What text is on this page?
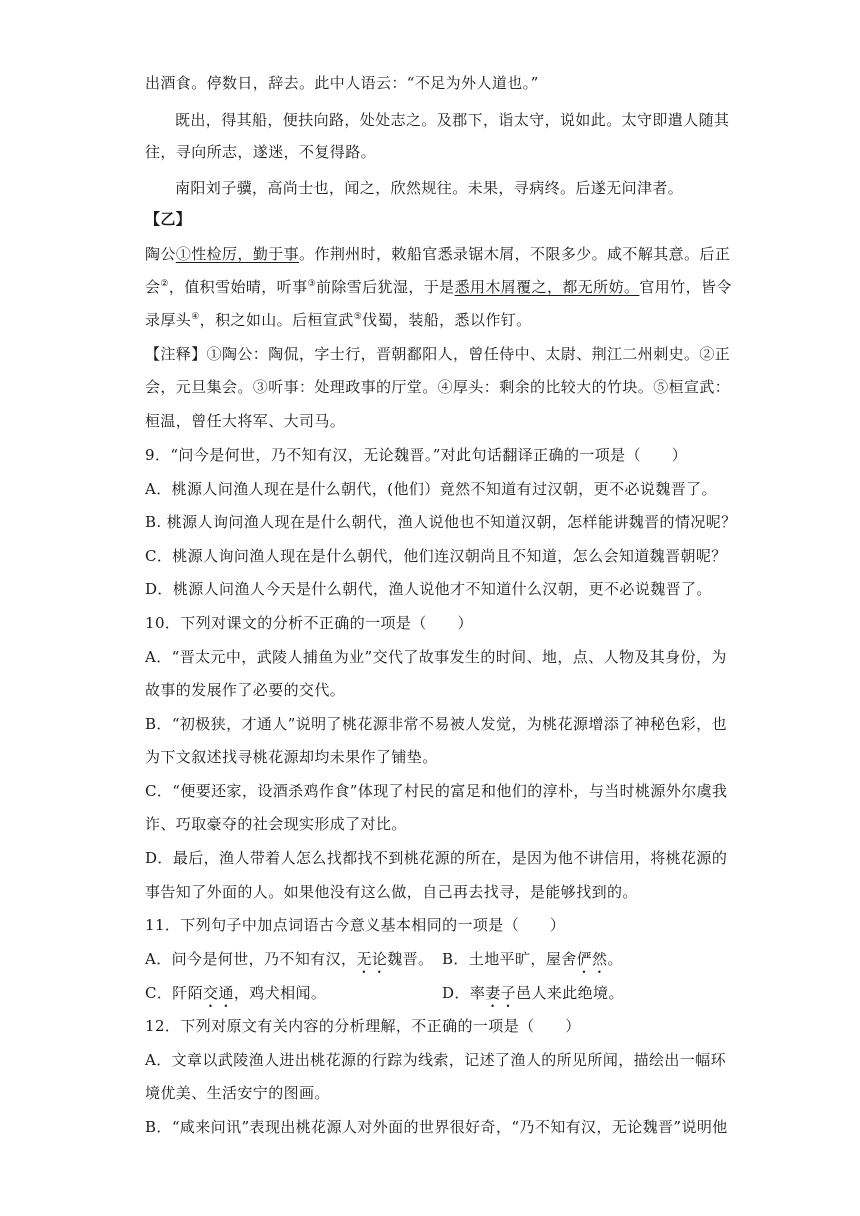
出酒食。停数日，辞去。此中人语云：“不足为外人道也。”
既出，得其船，便扶向路，处处志之。及郡下，诣太守，说如此。太守即遣人随其
往，寻向所志，遂迷，不复得路。
南阳刘子骥，高尚士也，闻之，欣然规往。未果，寻病终。后遂无问津者。
【乙】
陶公①性检厉，勤于事。作荆州时，敕船官悉录锯木屑，不限多少。咸不解其意。后正
会②，值积雪始晴，听事③前除雪后犹湿，于是悉用木屑覆之，都无所妨。官用竹，皆令
录厚头④，积之如山。后桓宣武⑤伐蜀，装船，悉以作钉。
【注释】①陶公：陶侃，字士行，晋朝鄱阳人，曾任侍中、太尉、荆江二州刺史。②正
会，元旦集会。③听事：处理政事的厅堂。④厚头：剩余的比较大的竹块。⑤桓宣武：
桓温，曾任大将军、大司马。
9．“问今是何世，乃不知有汉，无论魏晋。”对此句话翻译正确的一项是（　　）
A．桃源人问渔人现在是什么朝代，(他们）竟然不知道有过汉朝，更不必说魏晋了。
B. 桃源人询问渔人现在是什么朝代，渔人说他也不知道汉朝，怎样能讲魏晋的情况呢？
C．桃源人询问渔人现在是什么朝代，他们连汉朝尚且不知道，怎么会知道魏晋朝呢？
D．桃源人问渔人今天是什么朝代，渔人说他才不知道什么汉朝，更不必说魏晋了。
10．下列对课文的分析不正确的一项是（　　）
A．“晋太元中，武陵人捕鱼为业”交代了故事发生的时间、地，点、人物及其身份，为
故事的发展作了必要的交代。
B．“初极狭，才通人”说明了桃花源非常不易被人发觉，为桃花源增添了神秘色彩，也
为下文叙述找寻桃花源却均未果作了铺垫。
C．“便要还家，设酒杀鸡作食”体现了村民的富足和他们的淳朴，与当时桃源外尔虞我
诈、巧取豪夺的社会现实形成了对比。
D．最后，渔人带着人怎么找都找不到桃花源的所在，是因为他不讲信用，将桃花源的
事告知了外面的人。如果他没有这么做，自己再去找寻，是能够找到的。
11．下列句子中加点词语古今意义基本相同的一项是（　　）
A．问今是何世，乃不知有汉，无论魏晋。 B．土地平旷，屋舍俨然。
C．阡陌交通，鸡犬相闻。	D．率妻子邑人来此绝境。
12．下列对原文有关内容的分析理解，不正确的一项是（　　）
A．文章以武陵渔人进出桃花源的行踪为线索，记述了渔人的所见所闻，描绘出一幅环
境优美、生活安宁的图画。
B．“咸来问讯”表现出桃花源人对外面的世界很好奇，“乃不知有汉，无论魏晋”说明他
